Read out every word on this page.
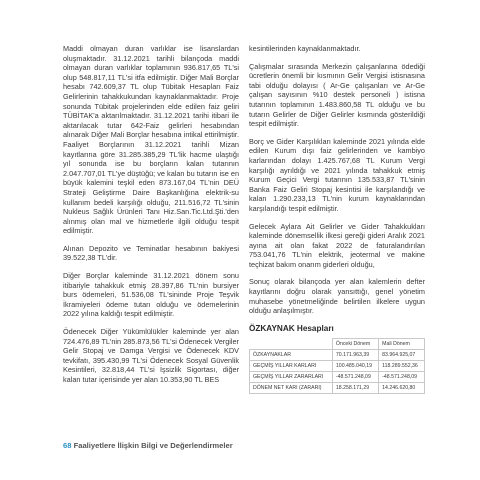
Maddi olmayan duran varlıklar ise lisanslardan oluşmaktadır. 31.12.2021 tarihli bilançoda maddi olmayan duran varlıklar toplamının 936.817,65 TL'si olup 548.817,11 TL'si itfa edilmiştir. Diğer Mali Borçlar hesabı 742.609,37 TL olup Tübitak Hesapları Faiz Gelirlerinin tahakkukundan kaynaklanmaktadır. Proje sonunda Tübitak projelerinden elde edilen faiz geliri TÜBİTAK'a aktarılmaktadır. 31.12.2021 tarihi itibari ile aktarılacak tutar 642-Faiz gelirleri hesabından alınarak Diğer Mali Borçlar hesabına intikal ettirilmiştir. Faaliyet Borçlarının 31.12.2021 tarihli Mizan kayıtlarına göre 31.285.385,29 TL'lik hacme ulaştığı yıl sonunda ise bu borçların kalan tutarının 2.047.707,01 TL'ye düştüğü; ve kalan bu tutarın ise en büyük kalemini teşkil eden 873.167,04 TL'nin DEÜ Strateji Geliştirme Daire Başkanlığına elektrik-su kullanım bedeli karşılığı olduğu, 211.516,72 TL'sinin Nukleus Sağlık Ürünleri Tanı Hiz.San.Tic.Ltd.Şti.'den alınmış olan mal ve hizmetlerle ilgili olduğu tespit edilmiştir.

Alınan Depozito ve Teminatlar hesabının bakiyesi 39.522,38 TL'dir.

Diğer Borçlar kaleminde 31.12.2021 dönem sonu itibariyle tahakkuk etmiş 28.397,86 TL'nin bursiyer burs ödemeleri, 51.536,08 TL'sininde Proje Teşvik İkramiyeleri ödeme tutarı olduğu ve ödemelerinin 2022 yılına kaldığı tespit edilmiştir.

Ödenecek Diğer Yükümlülükler kaleminde yer alan 724.476,89 TL'nin 285.873,56 TL'si Ödenecek Vergiler Gelir Stopaj ve Damga Vergisi ve Ödenecek KDV tevkifatı, 395.430,99 TL'si Ödenecek Sosyal Güvenlik Kesintileri, 32.818,44 TL'si İşsizlik Sigortası, diğer kalan tutar içerisinde yer alan 10.353,90 TL BES

kesintilerinden kaynaklanmaktadır.

Çalışmalar sırasında Merkezin çalışanlarına ödediği ücretlerin önemli bir kısmının Gelir Vergisi istisnasına tabi olduğu dolayısı ( Ar-Ge çalışanları ve Ar-Ge çalışan sayısının %10 destek personeli ) istisna tutarının toplamının 1.483.860,58 TL olduğu ve bu tutarın Gelirler de Diğer Gelirler kısmında gösterildiği tespit edilmiştir.

Borç ve Gider Karşılıkları kaleminde 2021 yılında elde edilen Kurum dışı faiz gelirlerinden ve kambiyo karlarından dolayı 1.425.767,68 TL Kurum Vergi karşılığı ayrıldığı ve 2021 yılında tahakkuk etmiş Kurum Geçici Vergi tutarının 135.533,87 TL'sinin Banka Faiz Geliri Stopaj kesintisi ile karşılandığı ve kalan 1.290.233,13 TL'nin kurum kaynaklarından karşılandığı tespit edilmiştir.

Gelecek Aylara Ait Gelirler ve Gider Tahakkukları kaleminde dönemsellik ilkesi gereği gideri Aralık 2021 ayına ait olan fakat 2022 de faturalandırılan 753.041,76 TL'nin elektrik, jeotermal ve makine teçhizat bakım onarım giderleri olduğu,

Sonuç olarak bilançoda yer alan kalemlerin defter kayıtlarını doğru olarak yansıttığı, genel yönetim muhasebe yönetmeliğinde belirtilen ilkelere uygun olduğu anlaşılmıştır.

ÖZKAYNAK Hesapları
	Önceki Dönem	Mali Dönem
ÖZKAYNAKLAR	70.171.963,39	83.964.925,07
GEÇMİŞ YILLAR KARLARI	100.485.040,19	118.289.552,36
GEÇMİŞ YILLAR ZARARLARI	-48.571.248,09	-48.571.248,09
DÖNEM NET KARI (ZARARI)	18.258.171,29	14.246.620,80
68 Faaliyetlere İlişkin Bilgi ve Değerlendirmeler
